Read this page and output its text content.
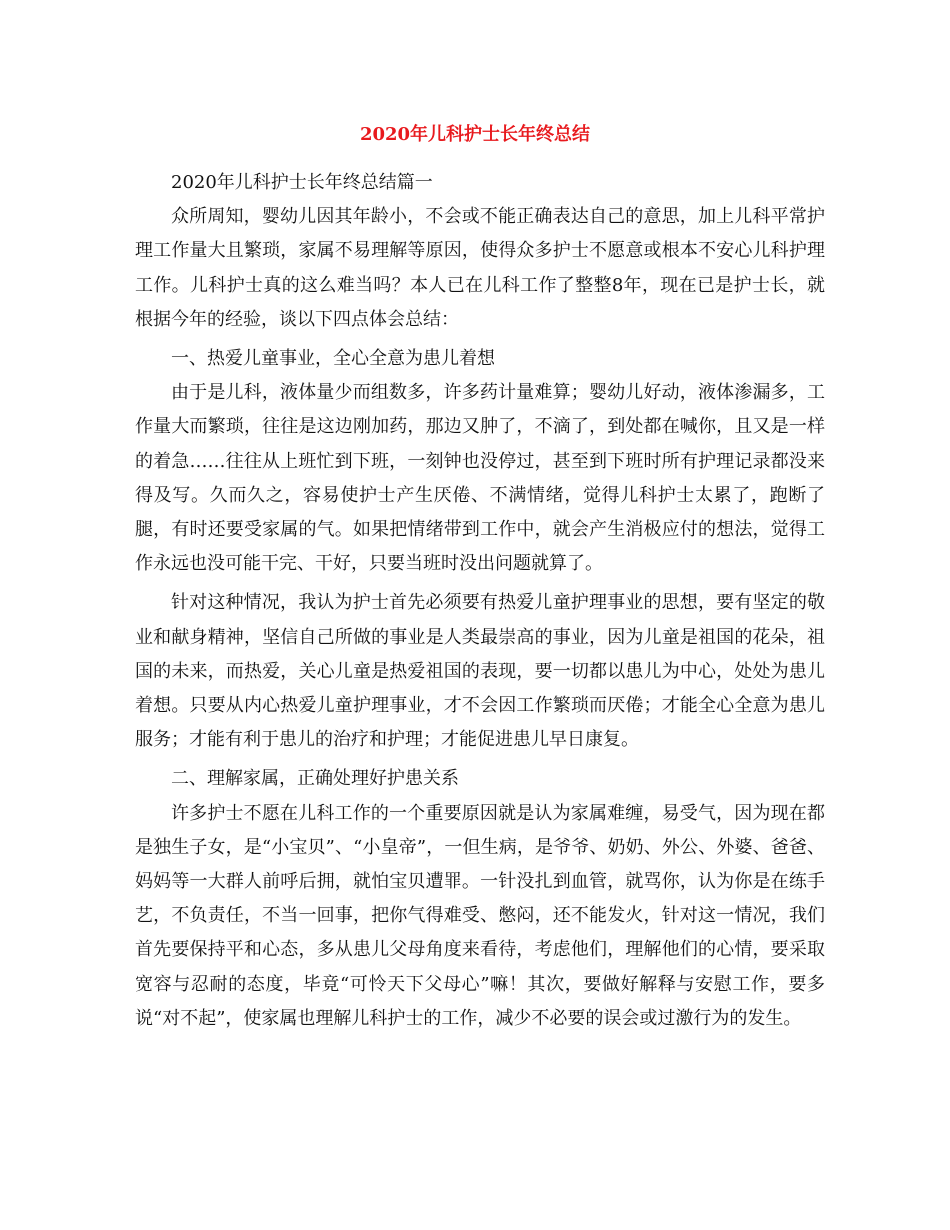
2020年儿科护士长年终总结

2020年儿科护士长年终总结篇一

众所周知，婴幼儿因其年龄小，不会或不能正确表达自己的意思，加上儿科平常护理工作量大且繁琐，家属不易理解等原因，使得众多护士不愿意或根本不安心儿科护理工作。儿科护士真的这么难当吗？本人已在儿科工作了整整8年，现在已是护士长，就根据今年的经验，谈以下四点体会总结：

一、热爱儿童事业，全心全意为患儿着想

由于是儿科，液体量少而组数多，许多药计量难算；婴幼儿好动，液体渗漏多，工作量大而繁琐，往往是这边刚加药，那边又肿了，不滴了，到处都在喊你，且又是一样的着急……往往从上班忙到下班，一刻钟也没停过，甚至到下班时所有护理记录都没来得及写。久而久之，容易使护士产生厌倦、不满情绪，觉得儿科护士太累了，跑断了腿，有时还要受家属的气。如果把情绪带到工作中，就会产生消极应付的想法，觉得工作永远也没可能干完、干好，只要当班时没出问题就算了。

针对这种情况，我认为护士首先必须要有热爱儿童护理事业的思想，要有坚定的敬业和献身精神，坚信自己所做的事业是人类最崇高的事业，因为儿童是祖国的花朵，祖国的未来，而热爱，关心儿童是热爱祖国的表现，要一切都以患儿为中心，处处为患儿着想。只要从内心热爱儿童护理事业，才不会因工作繁琐而厌倦；才能全心全意为患儿服务；才能有利于患儿的治疗和护理；才能促进患儿早日康复。

二、理解家属，正确处理好护患关系

许多护士不愿在儿科工作的一个重要原因就是认为家属难缠，易受气，因为现在都是独生子女，是“小宝贝”、“小皇帝”，一但生病，是爷爷、奶奶、外公、外婆、爸爸、妈妈等一大群人前呼后拥，就怕宝贝遭罪。一针没扎到血管，就骂你，认为你是在练手艺，不负责任，不当一回事，把你气得难受、憋闷，还不能发火，针对这一情况，我们首先要保持平和心态，多从患儿父母角度来看待，考虑他们，理解他们的心情，要采取宽容与忍耐的态度，毕竟“可怜天下父母心”嘛！其次，要做好解释与安慰工作，要多说“对不起”，使家属也理解儿科护士的工作，减少不必要的误会或过激行为的发生。
